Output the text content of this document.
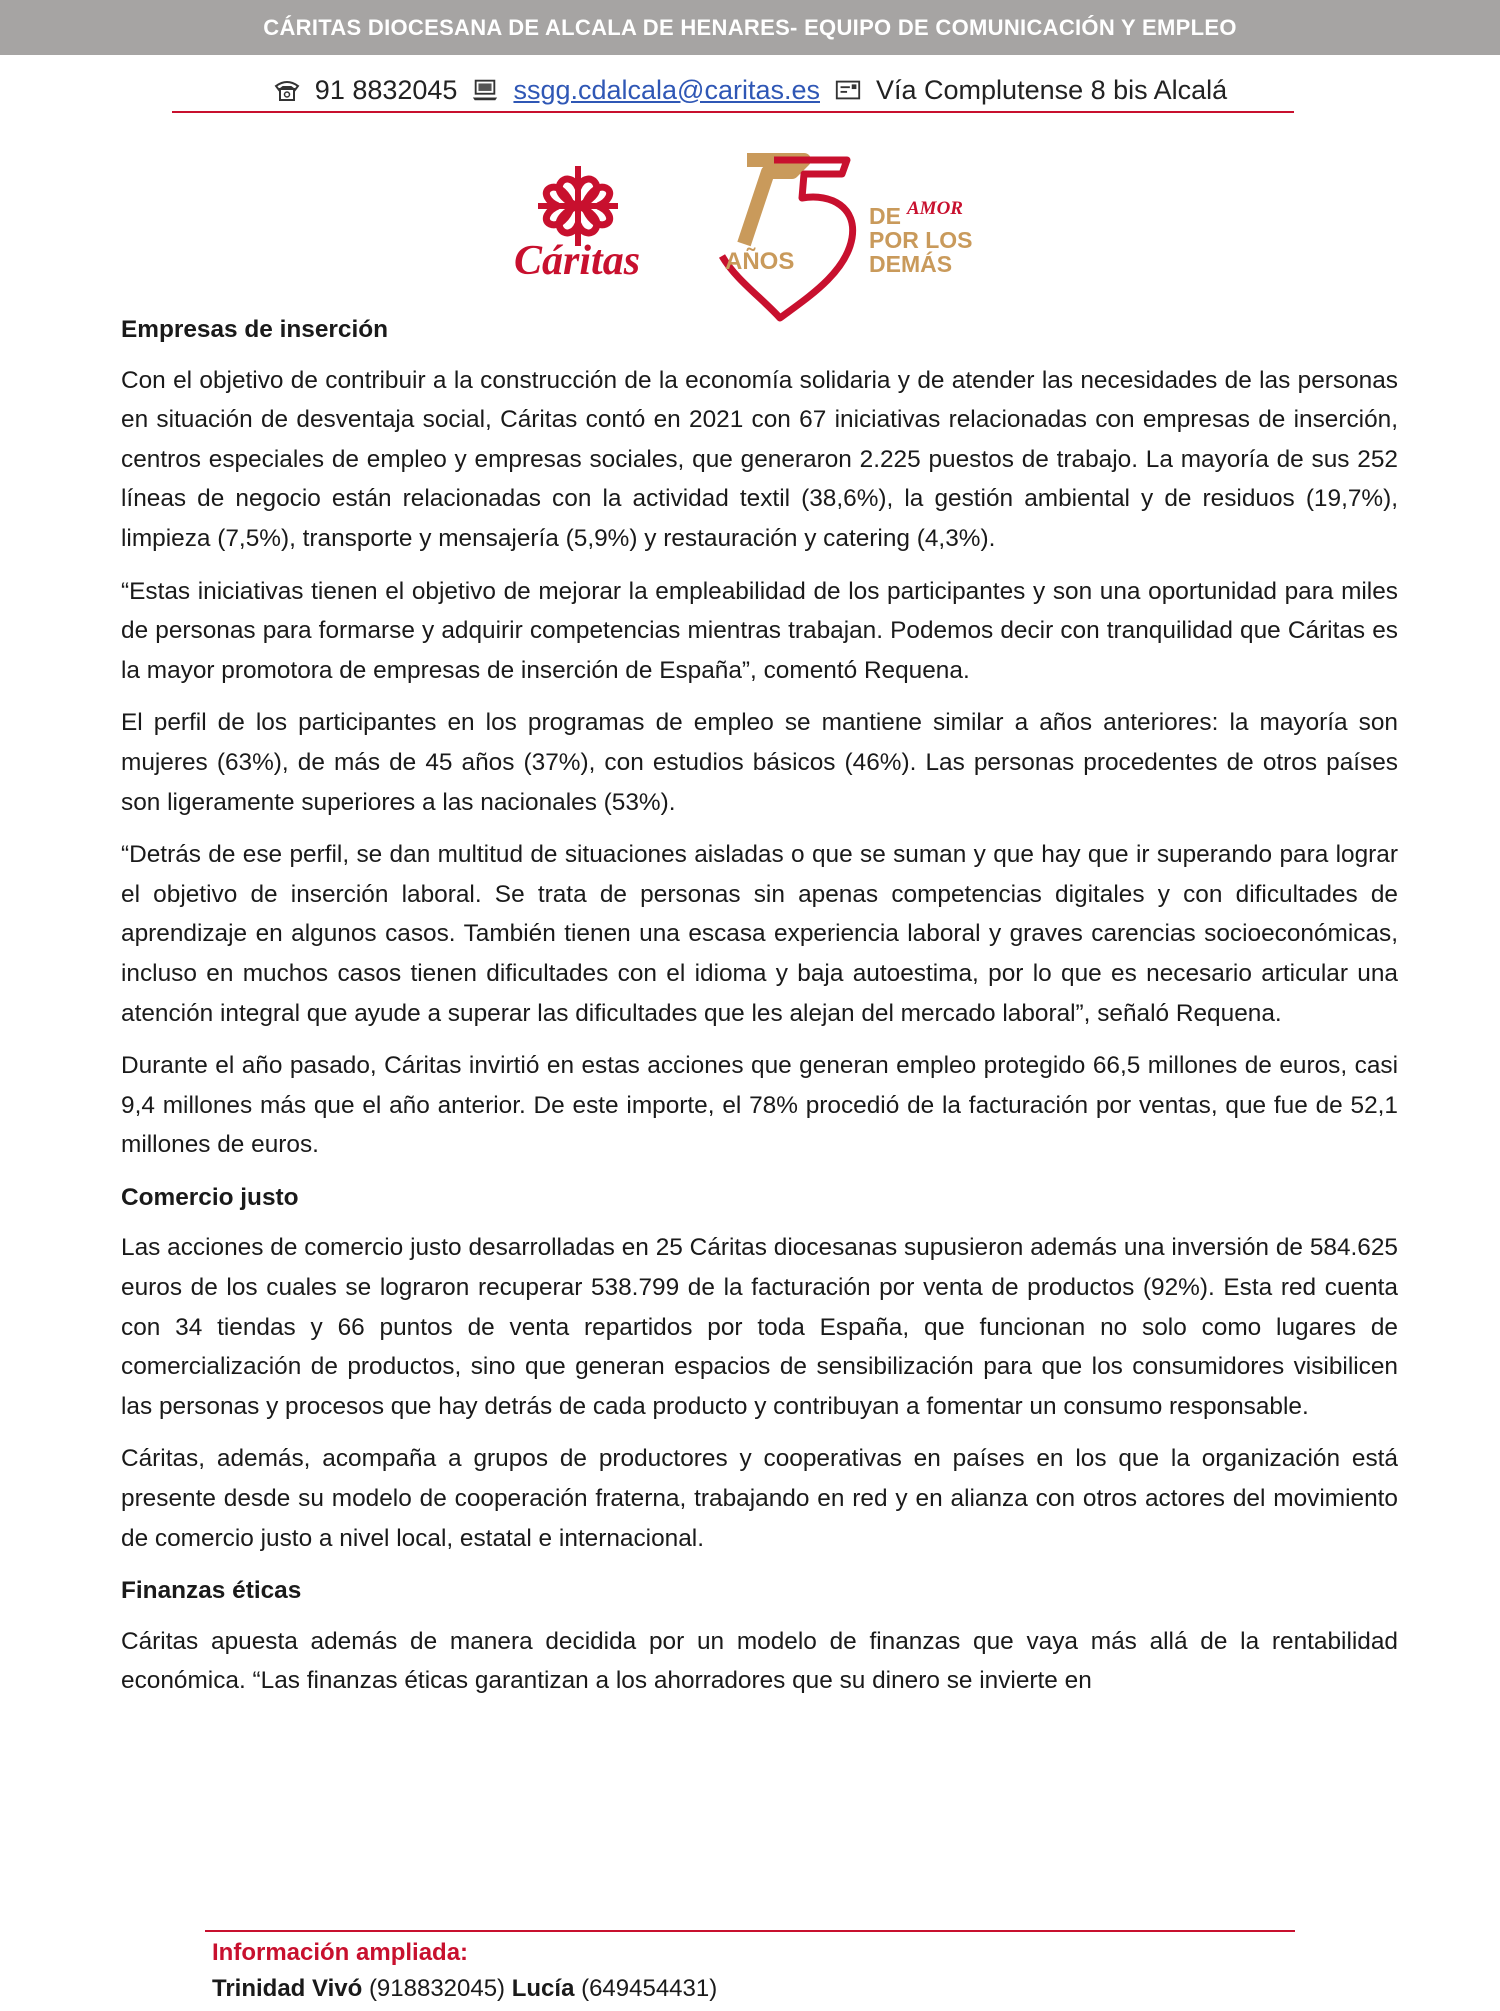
CÁRITAS DIOCESANA DE ALCALA DE HENARES- EQUIPO DE COMUNICACIÓN Y EMPLEO
91 8832045 ssgg.cdalcala@caritas.es Vía Complutense 8 bis Alcalá
Cáritas	AÑOS
DE AMOR
POR LOS
DEMÁS
Empresas de inserción

Con el objetivo de contribuir a la construcción de la economía solidaria y de atender las necesidades de las personas en situación de desventaja social, Cáritas contó en 2021 con 67 iniciativas relacionadas con empresas de inserción, centros especiales de empleo y empresas sociales, que generaron 2.225 puestos de trabajo. La mayoría de sus 252 líneas de negocio están relacionadas con la actividad textil (38,6%), la gestión ambiental y de residuos (19,7%), limpieza (7,5%), transporte y mensajería (5,9%) y restauración y catering (4,3%).

“Estas iniciativas tienen el objetivo de mejorar la empleabilidad de los participantes y son una oportunidad para miles de personas para formarse y adquirir competencias mientras trabajan. Podemos decir con tranquilidad que Cáritas es la mayor promotora de empresas de inserción de España”, comentó Requena.

El perfil de los participantes en los programas de empleo se mantiene similar a años anteriores: la mayoría son mujeres (63%), de más de 45 años (37%), con estudios básicos (46%). Las personas procedentes de otros países son ligeramente superiores a las nacionales (53%).

“Detrás de ese perfil, se dan multitud de situaciones aisladas o que se suman y que hay que ir superando para lograr el objetivo de inserción laboral. Se trata de personas sin apenas competencias digitales y con dificultades de aprendizaje en algunos casos. También tienen una escasa experiencia laboral y graves carencias socioeconómicas, incluso en muchos casos tienen dificultades con el idioma y baja autoestima, por lo que es necesario articular una atención integral que ayude a superar las dificultades que les alejan del mercado laboral”, señaló Requena.

Durante el año pasado, Cáritas invirtió en estas acciones que generan empleo protegido 66,5 millones de euros, casi 9,4 millones más que el año anterior. De este importe, el 78% procedió de la facturación por ventas, que fue de 52,1 millones de euros.

Comercio justo

Las acciones de comercio justo desarrolladas en 25 Cáritas diocesanas supusieron además una inversión de 584.625 euros de los cuales se lograron recuperar 538.799 de la facturación por venta de productos (92%). Esta red cuenta con 34 tiendas y 66 puntos de venta repartidos por toda España, que funcionan no solo como lugares de comercialización de productos, sino que generan espacios de sensibilización para que los consumidores visibilicen las personas y procesos que hay detrás de cada producto y contribuyan a fomentar un consumo responsable.

Cáritas, además, acompaña a grupos de productores y cooperativas en países en los que la organización está presente desde su modelo de cooperación fraterna, trabajando en red y en alianza con otros actores del movimiento de comercio justo a nivel local, estatal e internacional.

Finanzas éticas

Cáritas apuesta además de manera decidida por un modelo de finanzas que vaya más allá de la rentabilidad económica. “Las finanzas éticas garantizan a los ahorradores que su dinero se invierte en

Información ampliada:
Trinidad Vivó (918832045) Lucía (649454431)
